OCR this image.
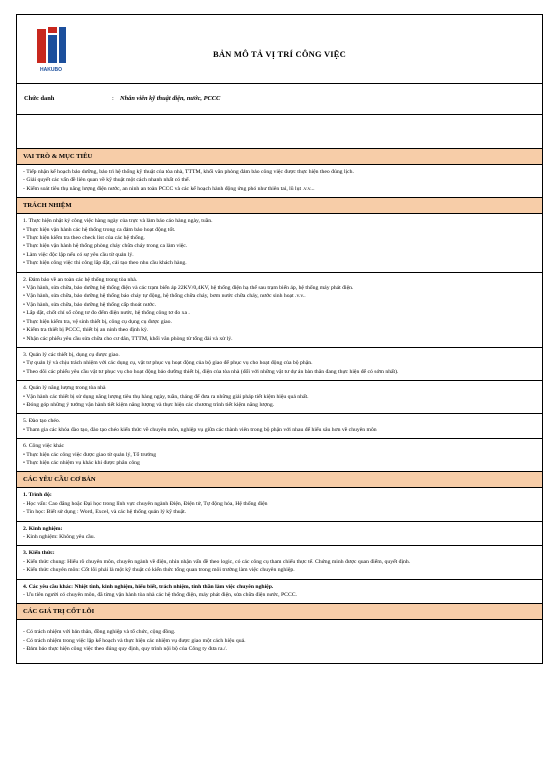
HAKUBO
BẢN MÔ TẢ VỊ TRÍ CÔNG VIỆC
Chức danh	: Nhân viên kỹ thuật điện, nước, PCCC
VAI TRÒ & MỤC TIÊU
- Tiếp nhận kế hoạch bảo dưỡng, bảo trì hệ thống kỹ thuật của tòa nhà, TTTM, khối văn phòng đảm bảo công việc được thực hiện theo đúng lịch.
- Giải quyết các vấn đề liên quan về kỹ thuật một cách nhanh nhất có thể.
- Kiểm soát tiêu thụ năng lượng điện nước, an ninh an toàn PCCC và các kế hoạch hành động ứng phó như thiên tai, lũ lụt .v.v...
TRÁCH NHIỆM
1. Thực hiện nhật ký công việc hàng ngày của trực và làm báo cáo hàng ngày, tuần.
• Thực hiện vận hành các hệ thống trong ca đảm bảo hoạt động tốt.
• Thực hiện kiểm tra theo check list của các hệ thống.
• Thực hiện vận hành hệ thống phòng cháy chữa cháy trong ca làm việc.
• Làm việc độc lập nếu có sự yêu cầu từ quản lý.
• Thực hiện công việc thi công lắp đặt, cải tạo theo nhu cầu khách hàng.
2. Đảm bảo về an toàn các hệ thống trong tòa nhà.
• Vận hành, sửa chữa, bảo dưỡng hệ thống điện và các trạm biến áp 22KV/0,4KV, hệ thống điện hạ thế sau trạm biến áp, hệ thống máy phát điện.
• Vận hành, sửa chữa, bảo dưỡng hệ thống báo cháy tự động, hệ thống chữa cháy, bơm nước chữa cháy, nước sinh hoạt .v.v..
• Vận hành, sửa chữa, bảo dưỡng hệ thống cấp thoát nước.
• Lắp đặt, chốt chỉ số công tơ đo đếm điện nước, hệ thống công tơ đo xa .
• Thực hiện kiểm tra, vệ sinh thiết bị, công cụ dụng cụ được giao.
• Kiểm tra thiết bị PCCC, thiết bị an ninh theo định kỳ.
• Nhận các phiếu yêu cầu sửa chữa cho cư dân, TTTM, khối văn phòng từ tổng đài và xử lý.
3. Quản lý các thiết bị, dụng cụ được giao.
• Tự quản lý và chịu trách nhiệm với các dụng cụ, vật tư phục vụ hoạt động của bộ giao để phục vụ cho hoạt động của bộ phận.
• Theo dõi các phiếu yêu cầu vật tư phục vụ cho hoạt động bảo dưỡng thiết bị, điện của tòa nhà (đối với những vật tư dự án bàn thân đang thực hiện để có sớm nhất).
4. Quản lý năng lượng trong tòa nhà
• Vận hành các thiết bị sử dụng năng lượng tiêu thụ hàng ngày, tuần, tháng để đưa ra những giải pháp tiết kiệm hiệu quả nhất.
• Đóng góp những ý tưởng vận hành tiết kiệm năng lượng và thực hiện các chương trình tiết kiệm năng lượng.
5. Đào tạo chéo.
• Tham gia các khóa đào tạo, đào tạo chéo kiến thức về chuyên môn, nghiệp vụ giữa các thành viên trong bộ phận với nhau để hiểu sâu hơn về chuyên môn
6. Công việc khác
• Thực hiện các công việc được giao từ quản lý, Tổ trưởng
• Thực hiện các nhiệm vụ khác khi được phân công
CÁC YÊU CẦU CƠ BẢN
1. Trình độ:
- Học vấn: Cao đẳng hoặc Đại học trong lĩnh vực chuyên ngành Điện, Điện tử, Tự động hóa, Hệ thống điện
- Tin học: Biết sử dụng : Word, Excel, và các hệ thống quản lý kỹ thuật.
2. Kinh nghiệm:
- Kinh nghiệm: Không yêu cầu.
3. Kiến thức:
- Kiến thức chung: Hiểu rõ chuyên môn, chuyên ngành về điện, nhìn nhận vấn đề theo logic, có các công cụ tham chiếu thực tế. Chứng minh được quan điểm, quyết định.
- Kiến thức chuyên môn: Cốt lõi phải là một kỹ thuật có kiến thức tổng quan trong môi trường làm việc chuyên nghiệp.
4. Các yêu cầu khác: Nhiệt tình, kinh nghiệm, hiểu biết, trách nhiệm, tinh thần làm việc chuyên nghiệp.
- Ưu tiên người có chuyên môn, đã từng vận hành tòa nhà các hệ thống điện, máy phát điện, sửa chữa điện nước, PCCC.
CÁC GIÁ TRỊ CỐT LÕI
- Có trách nhiệm với bản thân, đồng nghiệp và tổ chức, cộng đồng.
- Có trách nhiệm trong việc lập kế hoạch và thực hiện các nhiệm vụ được giao một cách hiệu quả.
- Đảm bảo thực hiện công việc theo đúng quy định, quy trình nội bộ của Công ty đưa ra./.
